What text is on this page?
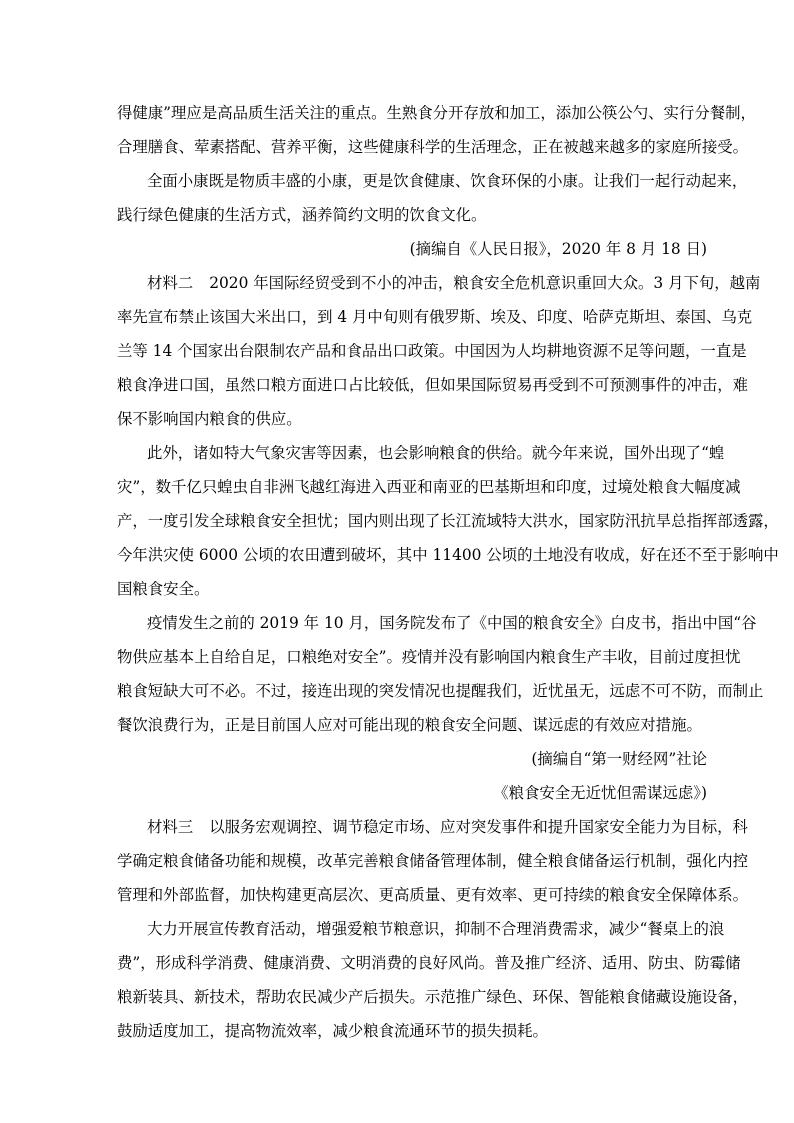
得健康”理应是高品质生活关注的重点。生熟食分开存放和加工，添加公筷公勺、实行分餐制，
合理膳食、荤素搭配、营养平衡，这些健康科学的生活理念，正在被越来越多的家庭所接受。
全面小康既是物质丰盛的小康，更是饮食健康、饮食环保的小康。让我们一起行动起来，
践行绿色健康的生活方式，涵养简约文明的饮食文化。
(摘编自《人民日报》，2020 年 8 月 18 日)
材料二 2020 年国际经贸受到不小的冲击，粮食安全危机意识重回大众。3 月下旬，越南
率先宣布禁止该国大米出口，到 4 月中旬则有俄罗斯、埃及、印度、哈萨克斯坦、泰国、乌克
兰等 14 个国家出台限制农产品和食品出口政策。中国因为人均耕地资源不足等问题，一直是
粮食净进口国，虽然口粮方面进口占比较低，但如果国际贸易再受到不可预测事件的冲击，难
保不影响国内粮食的供应。
此外，诸如特大气象灾害等因素，也会影响粮食的供给。就今年来说，国外出现了“蝗
灾”，数千亿只蝗虫自非洲飞越红海进入西亚和南亚的巴基斯坦和印度，过境处粮食大幅度减
产，一度引发全球粮食安全担忧；国内则出现了长江流域特大洪水，国家防汛抗旱总指挥部透露，
今年洪灾使 6000 公顷的农田遭到破坏，其中 11400 公顷的土地没有收成，好在还不至于影响中
国粮食安全。
疫情发生之前的 2019 年 10 月，国务院发布了《中国的粮食安全》白皮书，指出中国“谷
物供应基本上自给自足，口粮绝对安全”。疫情并没有影响国内粮食生产丰收，目前过度担忧
粮食短缺大可不必。不过，接连出现的突发情况也提醒我们，近忧虽无，远虑不可不防，而制止
餐饮浪费行为，正是目前国人应对可能出现的粮食安全问题、谋远虑的有效应对措施。
(摘编自“第一财经网”社论
《粮食安全无近忧但需谋远虑》)
材料三 以服务宏观调控、调节稳定市场、应对突发事件和提升国家安全能力为目标，科
学确定粮食储备功能和规模，改革完善粮食储备管理体制，健全粮食储备运行机制，强化内控
管理和外部监督，加快构建更高层次、更高质量、更有效率、更可持续的粮食安全保障体系。
大力开展宣传教育活动，增强爱粮节粮意识，抑制不合理消费需求，减少“餐桌上的浪
费”，形成科学消费、健康消费、文明消费的良好风尚。普及推广经济、适用、防虫、防霉储
粮新装具、新技术，帮助农民减少产后损失。示范推广绿色、环保、智能粮食储藏设施设备，
鼓励适度加工，提高物流效率，减少粮食流通环节的损失损耗。
